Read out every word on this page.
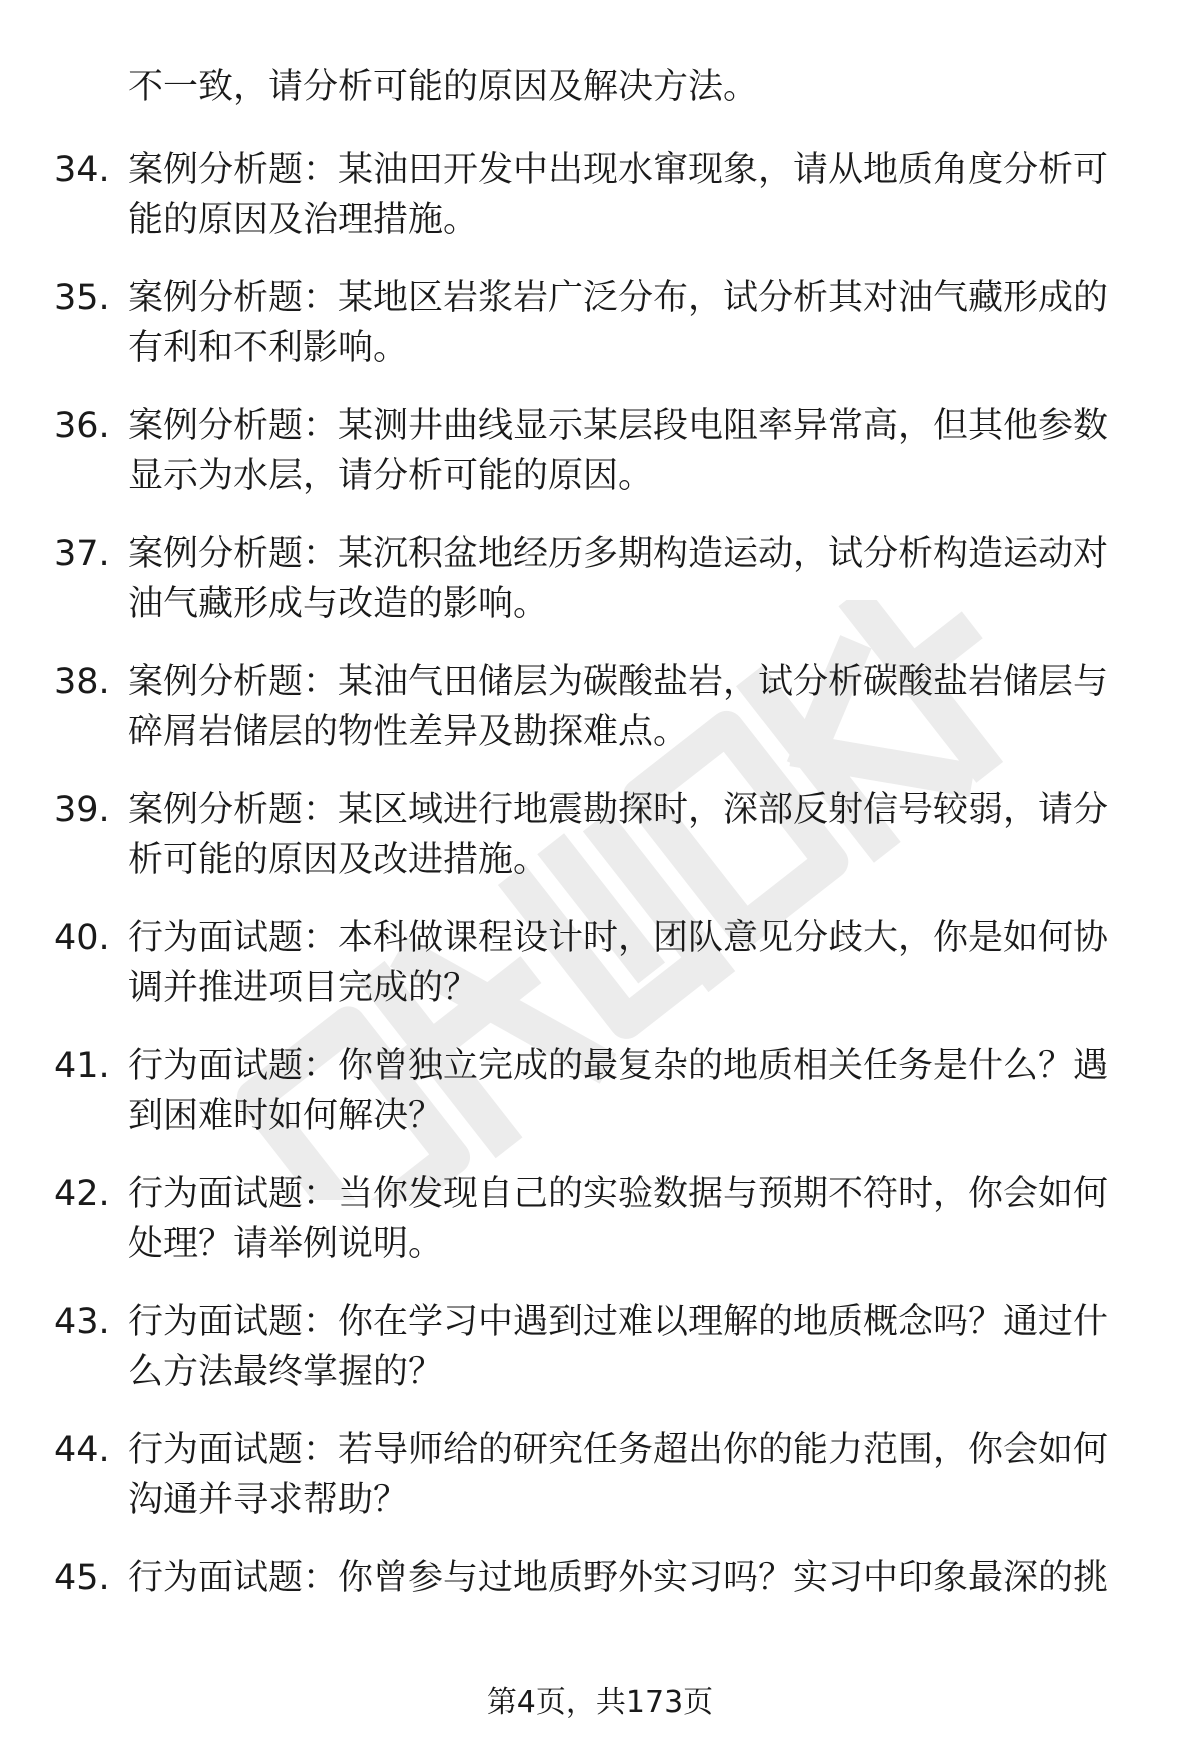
不一致，请分析可能的原因及解决方法。
34. 案例分析题：某油田开发中出现水窜现象，请从地质角度分析可
能的原因及治理措施。
35. 案例分析题：某地区岩浆岩广泛分布，试分析其对油气藏形成的
有利和不利影响。
36. 案例分析题：某测井曲线显示某层段电阻率异常高，但其他参数
显示为水层，请分析可能的原因。
37. 案例分析题：某沉积盆地经历多期构造运动，试分析构造运动对
油气藏形成与改造的影响。
38. 案例分析题：某油气田储层为碳酸盐岩，试分析碳酸盐岩储层与
碎屑岩储层的物性差异及勘探难点。
39. 案例分析题：某区域进行地震勘探时，深部反射信号较弱，请分
析可能的原因及改进措施。
40. 行为面试题：本科做课程设计时，团队意见分歧大，你是如何协
调并推进项目完成的？
41. 行为面试题：你曾独立完成的最复杂的地质相关任务是什么？遇
到困难时如何解决？
42. 行为面试题：当你发现自己的实验数据与预期不符时，你会如何
处理？请举例说明。
43. 行为面试题：你在学习中遇到过难以理解的地质概念吗？通过什
么方法最终掌握的？
44. 行为面试题：若导师给的研究任务超出你的能力范围，你会如何
沟通并寻求帮助？
45. 行为面试题：你曾参与过地质野外实习吗？实习中印象最深的挑
第4页，共173页
